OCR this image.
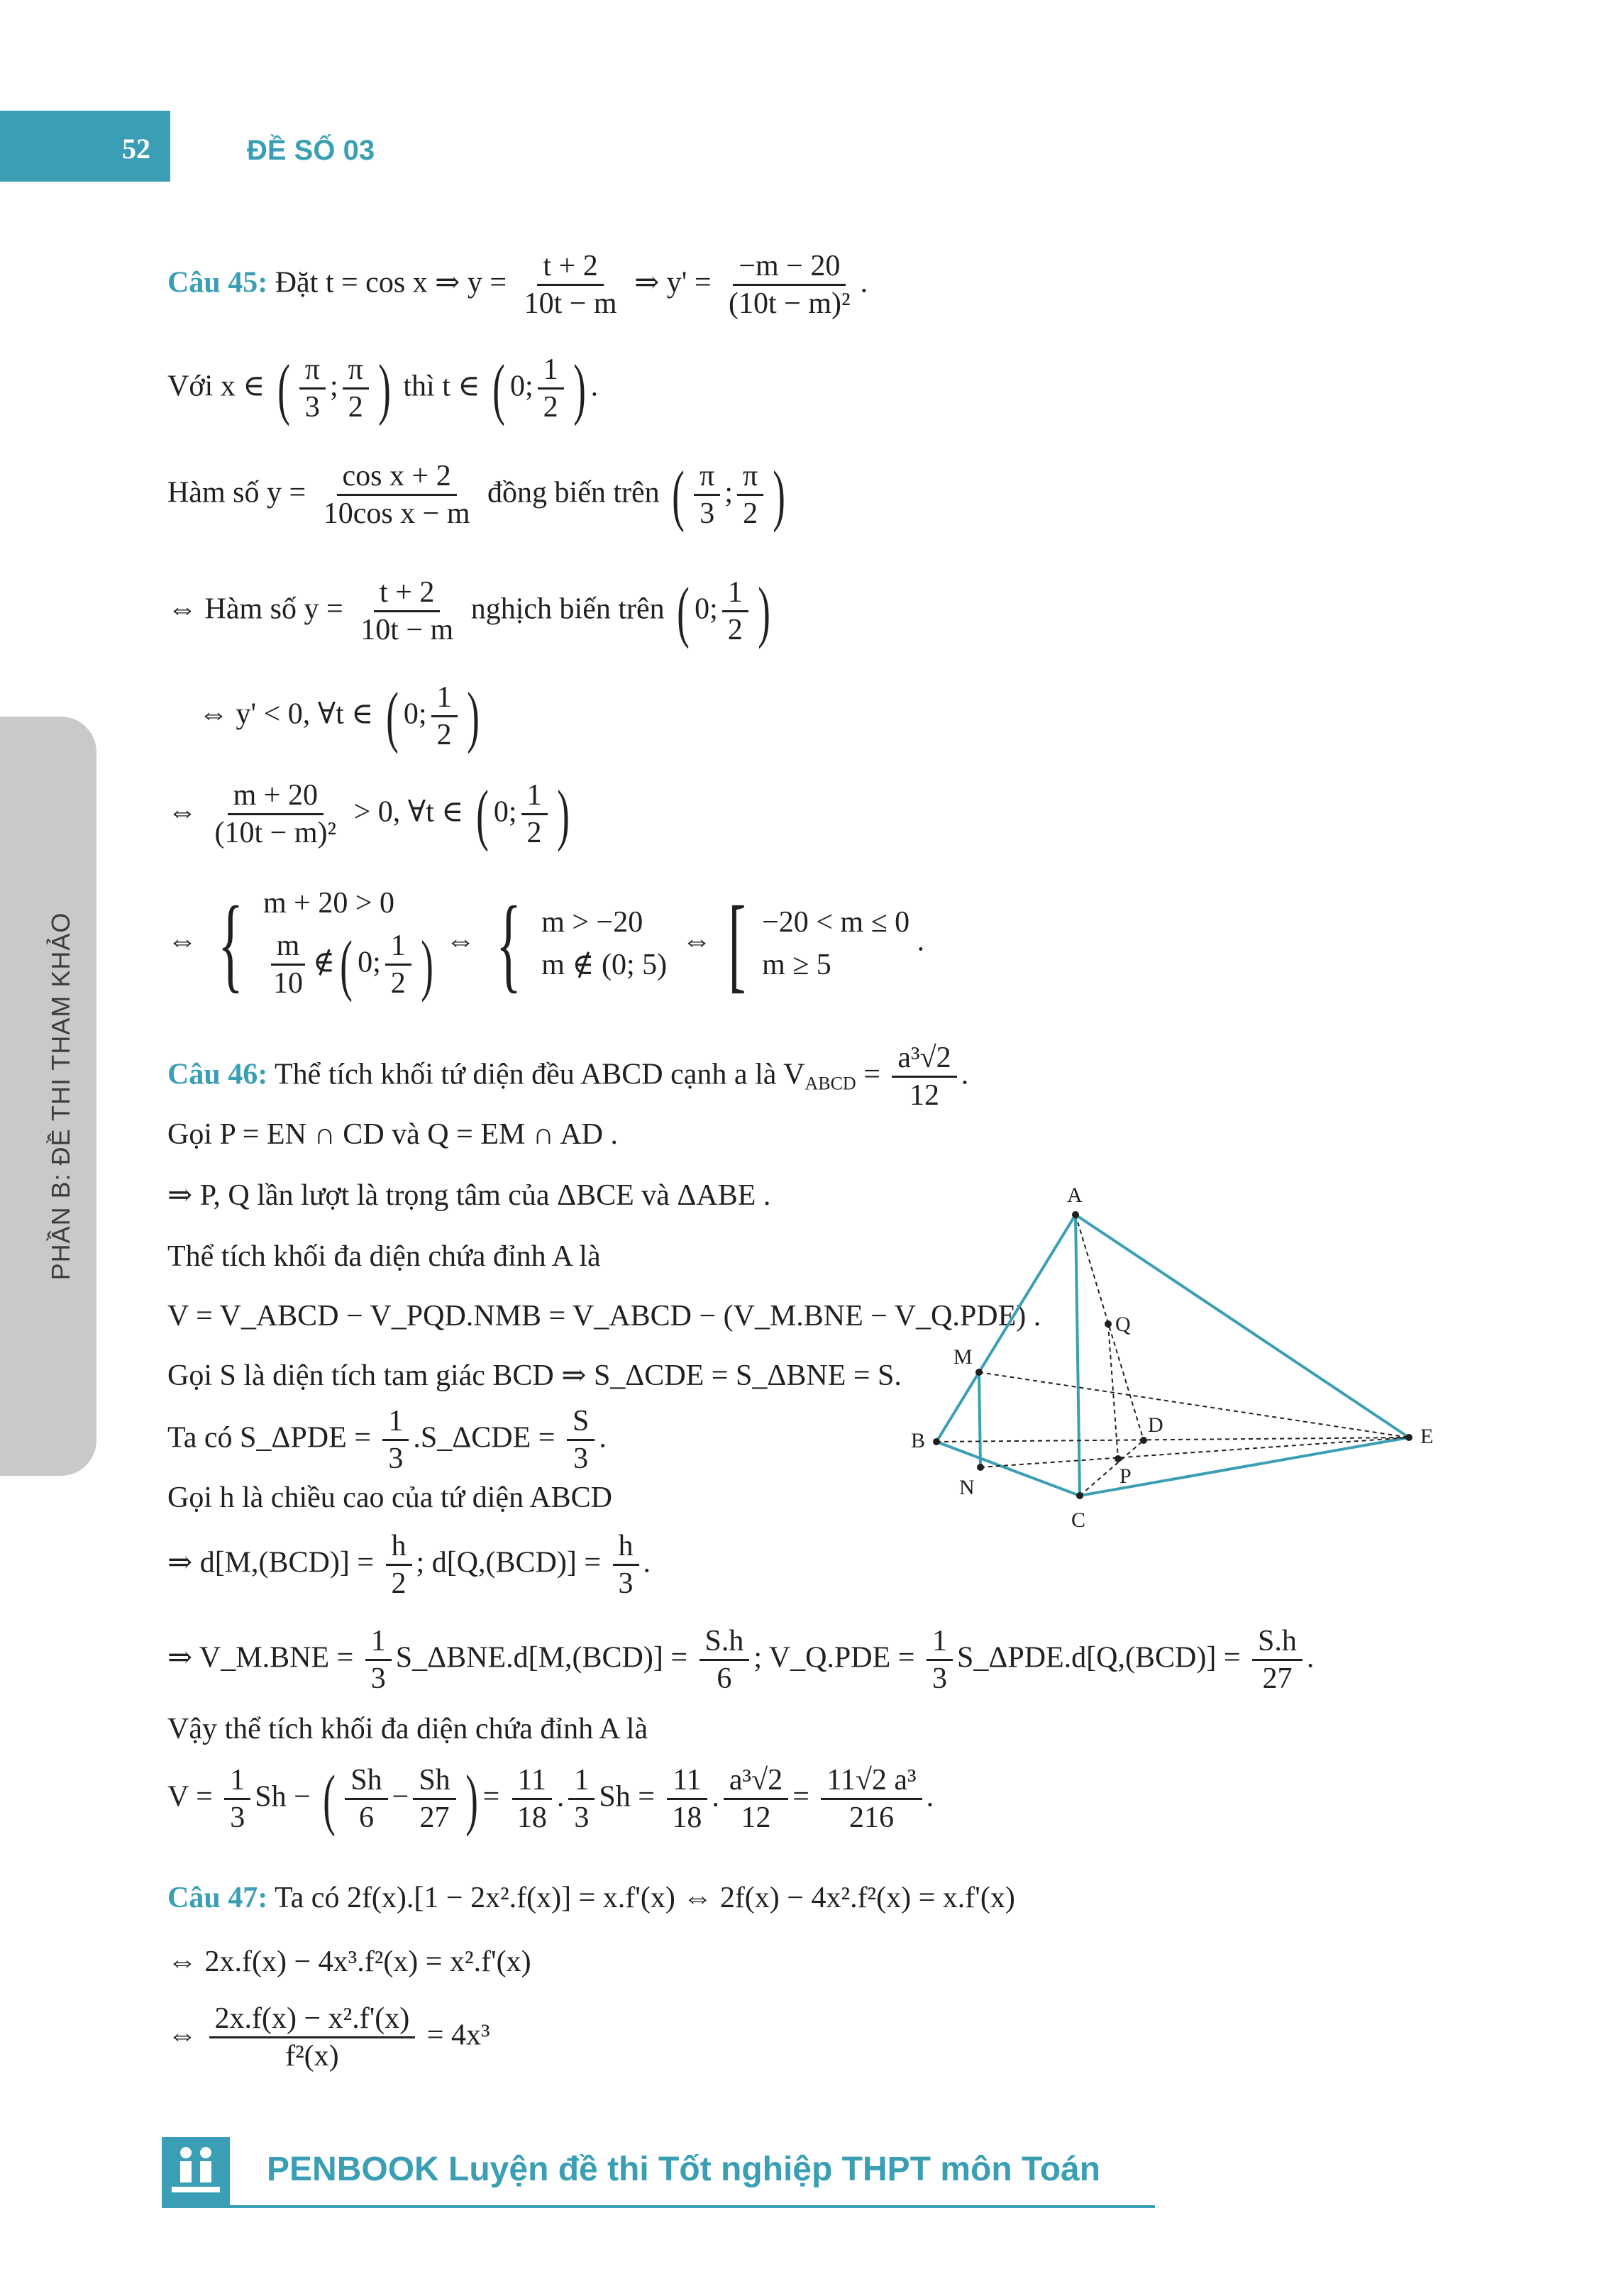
52	ĐỀ SỐ 03
PHẦN B: ĐỀ THI THAM KHẢO
Câu 45: Đặt t = cos x ⇒ $y = \frac{t + 2}{10t - m}$ ⇒ $y' = \frac{-m - 20}{\text{(10t − m)²}}$ .
Với x ∈ ( $\frac{\pi}{3}$ ; $\frac{\pi}{2}$ ) thì t ∈ ( 0; $\frac{1}{2}$ ) .
Hàm số $y = \frac{\text{cos x + 2}}{\text{10cos x − m}}$ đồng biến trên ( $\frac{\pi}{3}$ ; $\frac{\pi}{2}$ )
⇔ Hàm số $y = \frac{t + 2}{10t - m}$ nghịch biến trên ( 0; $\frac{1}{2}$ )
⇔ y' < 0, ∀t ∈ ( 0; $\frac{1}{2}$ )
⇔ $\frac{m + 20}{\text{(10t − m)²}} > 0$, ∀t ∈ ( 0; $\frac{1}{2}$ )
⇔ { m + 20 > 0
$\frac{m}{10}$ ∉( 0; $\frac{1}{2}$ ) ⇔ { m > −20
m ∉ (0; 5)
⇔ [ −20 < m ≤ 0
m ≥ 5
.
Câu 46: Thể tích khối tứ diện đều ABCD cạnh a là $V_{ABCD} = \frac{\text{a³√2}}{12}$ .
Gọi P = EN ∩ CD và Q = EM ∩ AD .
⇒ P, Q lần lượt là trọng tâm của ΔBCE và ΔABE .
Thể tích khối đa diện chứa đỉnh A là
V = V_ABCD − V_PQD.NMB = V_ABCD − (V_M.BNE − V_Q.PDE) .
Gọi S là diện tích tam giác BCD ⇒ S_ΔCDE = S_ΔBNE = S.
Ta có S_ΔPDE = $\frac{1}{3}$ .S_ΔCDE = $\frac{S}{3}$ .
Gọi h là chiều cao của tứ diện ABCD
⇒ $d[M,(BCD)] = \frac{h}{2}$ ; $d[Q,(BCD)] = \frac{h}{3}$ .
⇒ V_M.BNE = $\frac{1}{3}$ S_ΔBNE.d[M,(BCD)] = $\frac{S.h}{6}$ ; V_Q.PDE = $\frac{1}{3}$ S_ΔPDE.d[Q,(BCD)] = $\frac{S.h}{27}$ .
Vậy thể tích khối đa diện chứa đỉnh A là
$V = \frac{1}{3}$ Sh − ( $\frac{Sh}{6} - \frac{Sh}{27}$ ) = $\frac{11}{18}$ . $\frac{1}{3}$ $Sh = \frac{11}{18}$ . $\frac{\text{a³√2}}{12} = \frac{\text{11√2 a³}}{216}$ .
A
B
C
D	E
M
N	P
Q
Câu 47: Ta có 2f(x).[1 − 2x².f(x)] = x.f'(x) ⇔ 2f(x) − 4x².f²(x) = x.f'(x)
⇔ 2x.f(x) − 4x³.f²(x) = x².f'(x)
⇔ $\frac{\text{2x.f(x) − x².f'(x)}}{\text{f²(x)}} = 4x^3$
PENBOOK Luyện đề thi Tốt nghiệp THPT môn Toán
